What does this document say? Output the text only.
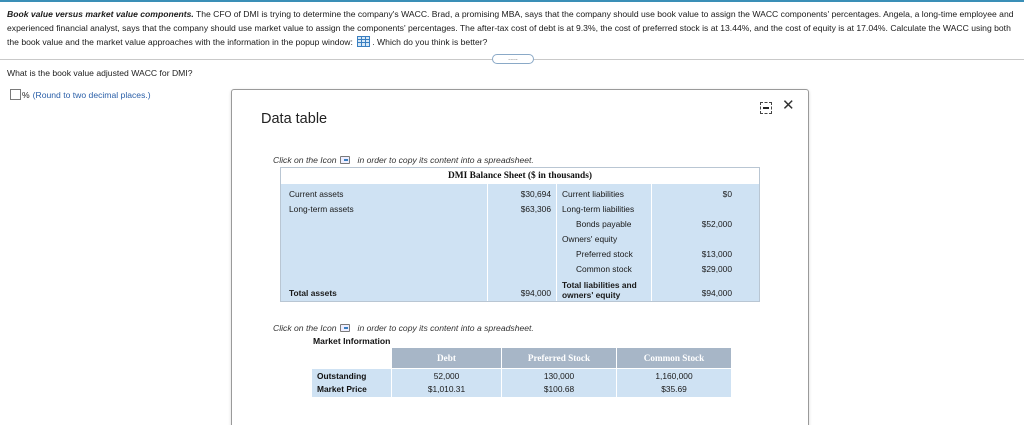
Book value versus market value components. The CFO of DMI is trying to determine the company's WACC. Brad, a promising MBA, says that the company should use book value to assign the WACC components' percentages. Angela, a long-time employee and experienced financial analyst, says that the company should use market value to assign the components' percentages. The after-tax cost of debt is at 9.3%, the cost of preferred stock is at 13.44%, and the cost of equity is at 17.04%. Calculate the WACC using both the book value and the market value approaches with the information in the popup window: . Which do you think is better?
.....
What is the book value adjusted WACC for DMI?
% (Round to two decimal places.)
Data table
✕
Click on the Icon in order to copy its content into a spreadsheet.
DMI Balance Sheet ($ in thousands)
Current assets
Long-term assets
Total assets
$30,694
$63,306
$94,000
Current liabilities
Long-term liabilities
Bonds payable
Owners' equity
Preferred stock
Common stock
Total liabilities and
owners' equity
$0
$52,000
$13,000
$29,000
$94,000
Click on the Icon in order to copy its content into a spreadsheet.
Market Information
Outstanding
Market Price
Debt
52,000
$1,010.31
Preferred Stock
130,000
$100.68
Common Stock
1,160,000
$35.69
